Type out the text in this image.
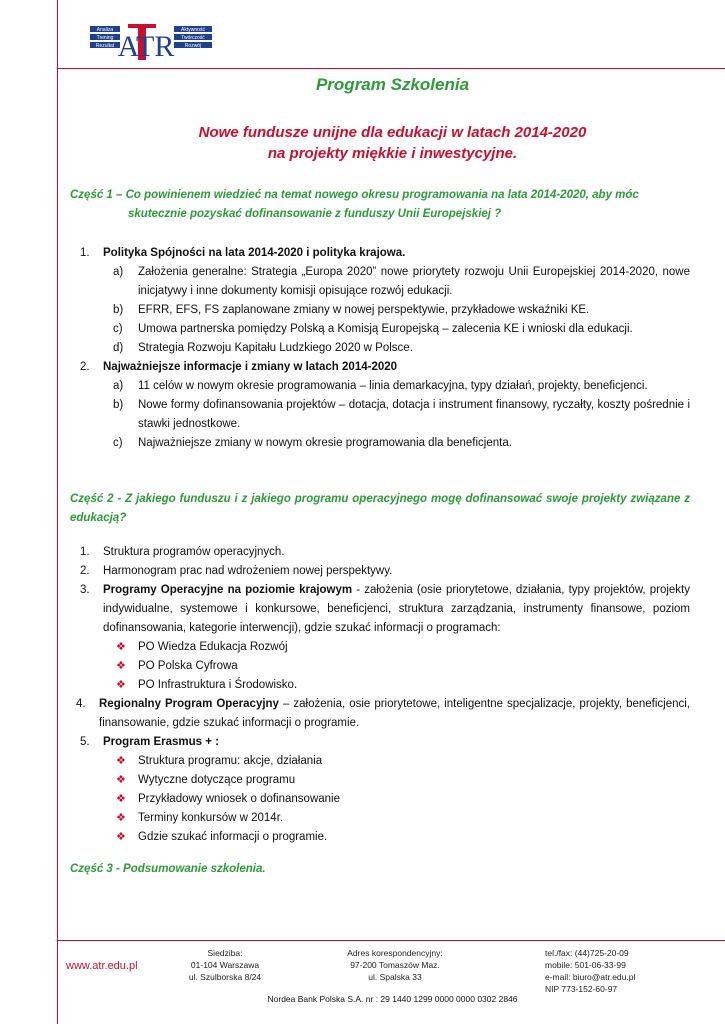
Analiza
Trening
Rezultat
Aktywność
Twórczość
Rozwój
ATR
Program Szkolenia
Nowe fundusze unijne dla edukacji w latach 2014-2020
na projekty miękkie i inwestycyjne.
Część 1 – Co powinienem wiedzieć na temat nowego okresu programowania na lata 2014-2020, aby móc
skutecznie pozyskać dofinansowanie z funduszy Unii Europejskiej ?
1.	Polityka Spójności na lata 2014-2020 i polityka krajowa.
a)	Założenia generalne: Strategia „Europa 2020” nowe priorytety rozwoju Unii Europejskiej 2014-2020, nowe inicjatywy i inne dokumenty komisji opisujące rozwój edukacji.
b)	EFRR, EFS, FS zaplanowane zmiany w nowej perspektywie, przykładowe wskaźniki KE.
c)	Umowa partnerska pomiędzy Polską a Komisją Europejską – zalecenia KE i wnioski dla edukacji.
d)	Strategia Rozwoju Kapitału Ludzkiego 2020 w Polsce.
2.	Najważniejsze informacje i zmiany w latach 2014-2020
a)	11 celów w nowym okresie programowania – linia demarkacyjna, typy działań, projekty, beneficjenci.
b)	Nowe formy dofinansowania projektów – dotacja, dotacja i instrument finansowy, ryczałty, koszty pośrednie i stawki jednostkowe.
c)	Najważniejsze zmiany w nowym okresie programowania dla beneficjenta.
Część 2 - Z jakiego funduszu i z jakiego programu operacyjnego mogę dofinansować swoje projekty związane z edukacją?
1.	Struktura programów operacyjnych.
2.	Harmonogram prac nad wdrożeniem nowej perspektywy.
3.	Programy Operacyjne na poziomie krajowym - założenia (osie priorytetowe, działania, typy projektów, projekty indywidualne, systemowe i konkursowe, beneficjenci, struktura zarządzania, instrumenty finansowe, poziom dofinansowania, kategorie interwencji), gdzie szukać informacji o programach:
❖	PO Wiedza Edukacja Rozwój
❖	PO Polska Cyfrowa
❖	PO Infrastruktura i Środowisko.
4.	Regionalny Program Operacyjny – założenia, osie priorytetowe, inteligentne specjalizacje, projekty, beneficjenci, finansowanie, gdzie szukać informacji o programie.
5.	Program Erasmus + :
❖	Struktura programu: akcje, działania
❖	Wytyczne dotyczące programu
❖	Przykładowy wniosek o dofinansowanie
❖	Terminy konkursów w 2014r.
❖	Gdzie szukać informacji o programie.
Część 3 - Podsumowanie szkolenia.
www.atr.edu.pl
Siedziba:
01-104 Warszawa
ul. Szulborska 8/24
Adres korespondencyjny:
97-200 Tomaszów Maz.
ul. Spalska 33
tel./fax: (44)725-20-09
mobile: 501-06-33-99
e-mail: biuro@atr.edu.pl
NIP 773-152-60-97
Nordea Bank Polska S.A. nr : 29 1440 1299 0000 0000 0302 2846
